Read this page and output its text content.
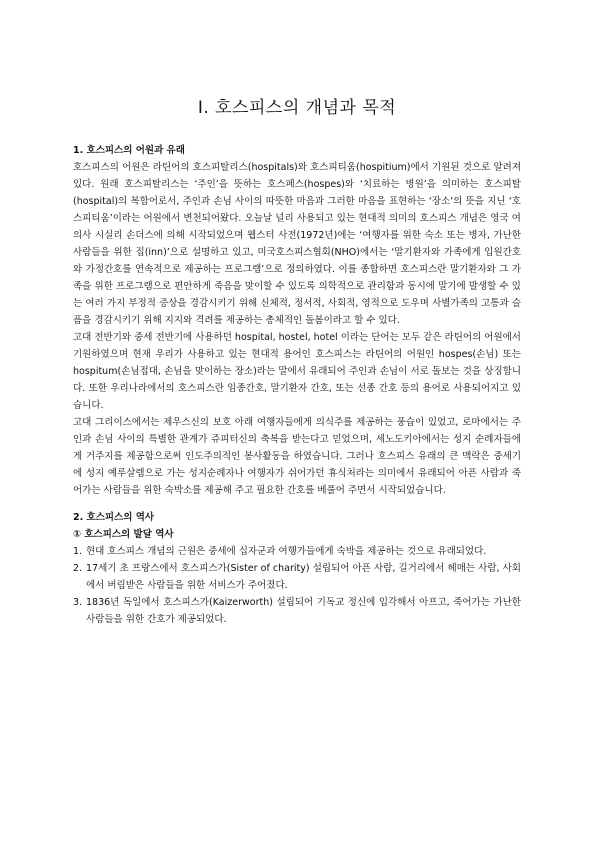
Ⅰ. 호스피스의 개념과 목적
1. 호스피스의 어원과 유래

호스피스의 어원은 라틴어의 호스피탈리스(hospitals)와 호스피티움(hospitium)에서 기원된 것으로 알려져 있다. 원래 호스피탈리스는 ‘주인’을 뜻하는 호스페스(hospes)와 ‘치료하는 병원’을 의미하는 호스피탈(hospital)의 복합어로서, 주인과 손님 사이의 따뜻한 마음과 그러한 마음을 표현하는 ‘장소’의 뜻을 지닌 ‘호스피티움’이라는 어원에서 변천되어왔다. 오늘날 널리 사용되고 있는 현대적 의미의 호스피스 개념은 영국 여의사 시실리 손더스에 의해 시작되었으며 웹스터 사전(1972년)에는 ‘여행자를 위한 숙소 또는 병자, 가난한 사람들을 위한 집(inn)’으로 설명하고 있고, 미국호스피스협회(NHO)에서는 ‘말기환자와 가족에게 입원간호와 가정간호를 연속적으로 제공하는 프로그램’으로 정의하였다. 이를 종합하면 호스피스란 말기환자와 그 가족을 위한 프로그램으로 편안하게 죽음을 맞이할 수 있도록 의학적으로 관리함과 동시에 말기에 발생할 수 있는 여러 가지 부정적 증상을 경감시키기 위해 신체적, 정서적, 사회적, 영적으로 도우며 사별가족의 고통과 슬픔을 경감시키기 위해 지지와 격려를 제공하는 총체적인 돌봄이라고 할 수 있다.

고대 전반기와 중세 전반기에 사용하던 hospital, hostel, hotel 이라는 단어는 모두 같은 라틴어의 어원에서 기원하였으며 현재 우리가 사용하고 있는 현대적 용어인 호스피스는 라틴어의 어원인 hospes(손님) 또는 hospitum(손님접대, 손님을 맞이하는 장소)라는 말에서 유래되어 주인과 손님이 서로 돌보는 것을 상징합니다. 또한 우리나라에서의 호스피스란 임종간호, 말기환자 간호, 또는 선종 간호 등의 용어로 사용되어지고 있습니다.

고대 그리이스에서는 제우스신의 보호 아래 여행자들에게 의식주를 제공하는 풍습이 있었고, 로마에서는 주인과 손님 사이의 특별한 관계가 쥬피터신의 축복을 받는다고 믿었으며, 세노도키아에서는 성지 순례자들에게 거주지를 제공함으로써 인도주의적인 봉사활동을 하였습니다. 그러나 호스피스 유래의 큰 맥락은 중세기에 성지 예루살렘으로 가는 성지순례자나 여행자가 쉬어가던 휴식처라는 의미에서 유래되어 아픈 사람과 죽어가는 사람들을 위한 숙박소를 제공해 주고 필요한 간호를 베풀어 주면서 시작되었습니다.

2. 호스피스의 역사
① 호스피스의 발달 역사
1. 현대 호스피스 개념의 근원은 중세에 십자군과 여행가들에게 숙박을 제공하는 것으로 유래되었다.
2. 17세기 초 프랑스에서 호스피스가(Sister of charity) 설립되어 아픈 사람, 길거리에서 헤매는 사람, 사회에서 버림받은 사람들을 위한 서비스가 주어졌다.
3. 1836년 독일에서 호스피스가(Kaizerworth) 설립되어 기독교 정신에 입각해서 아프고, 죽어가는 가난한 사람들을 위한 간호가 제공되었다.
